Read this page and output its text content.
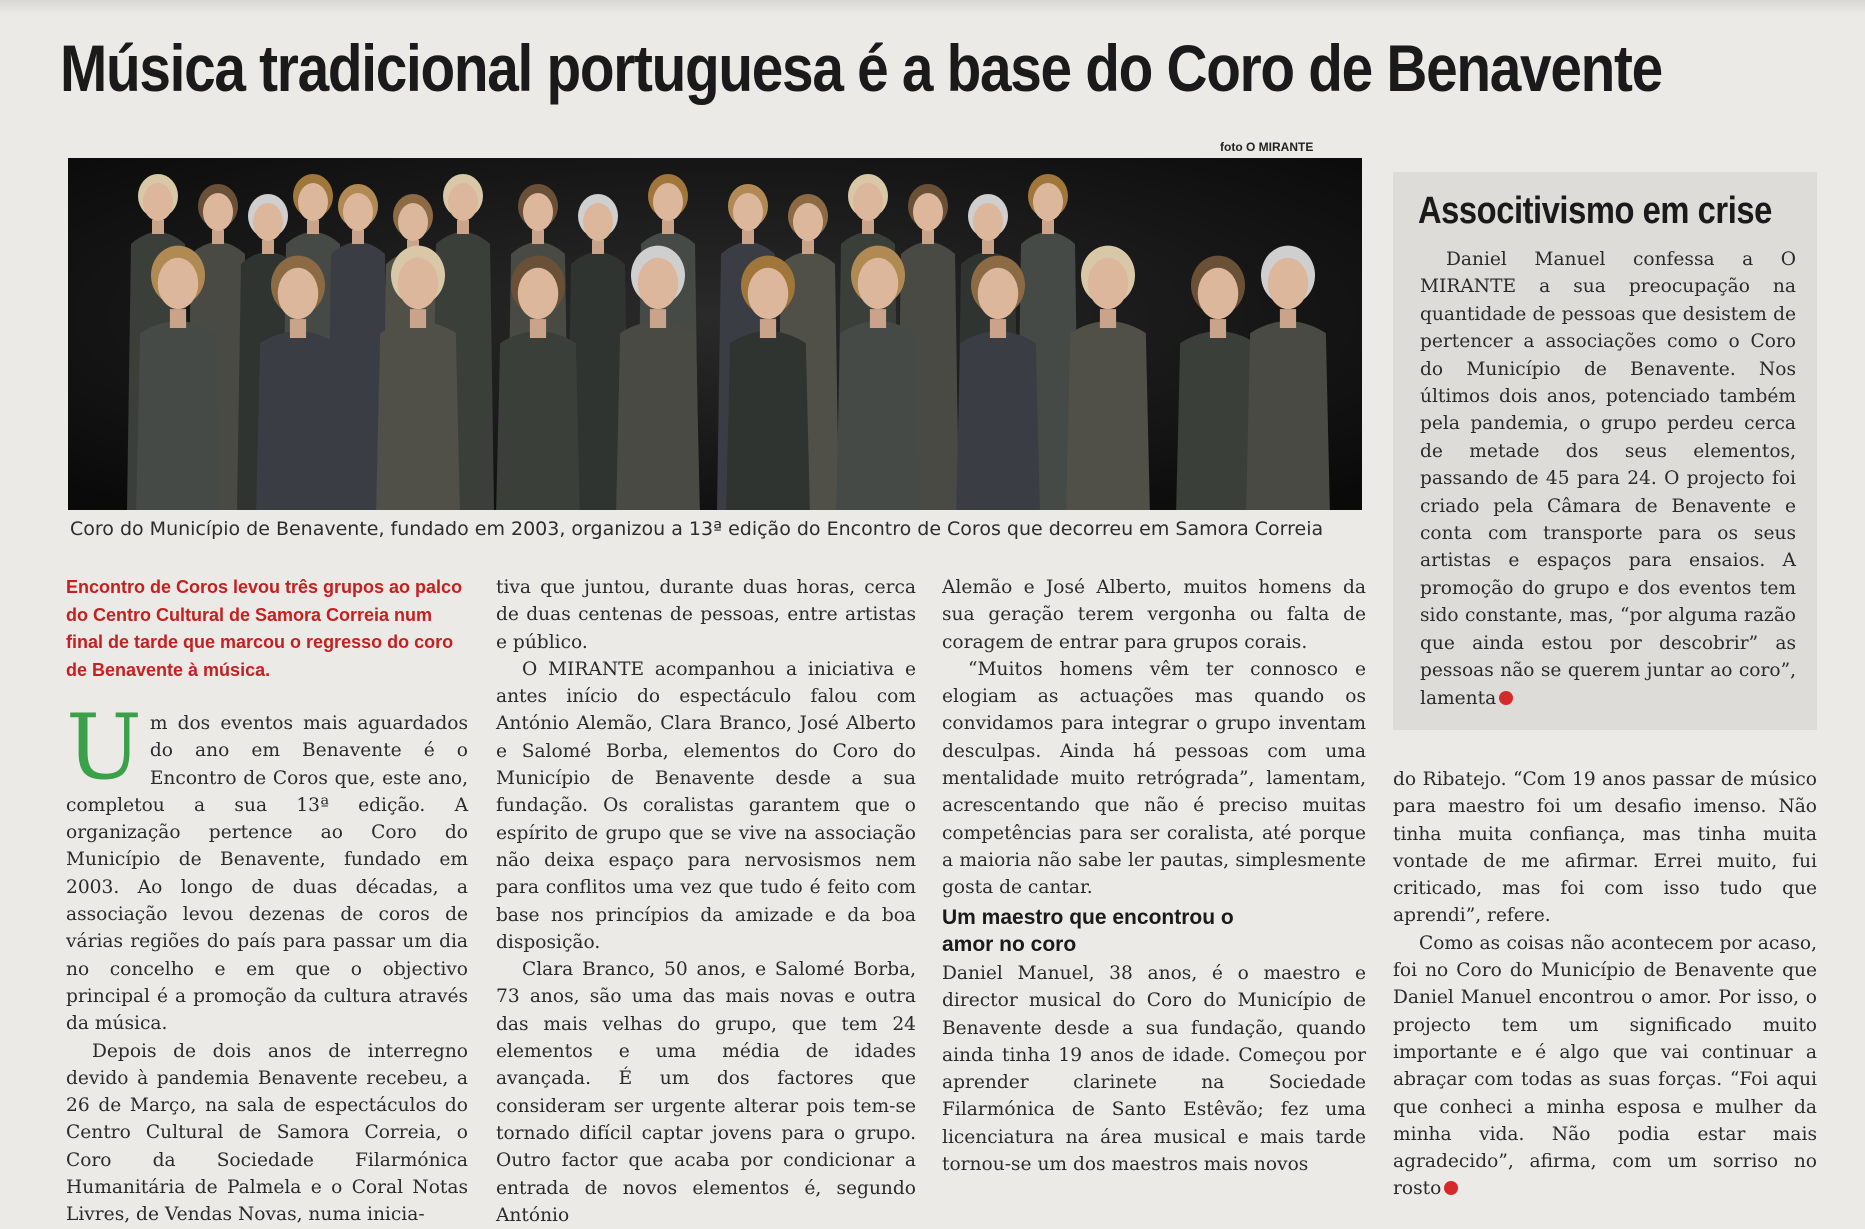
Música tradicional portuguesa é a base do Coro de Benavente
foto O MIRANTE
Coro do Município de Benavente, fundado em 2003, organizou a 13ª edição do Encontro de Coros que decorreu em Samora Correia
Encontro de Coros levou três grupos ao palco do Centro Cultural de Samora Correia num final de tarde que marcou o regresso do coro de Benavente à música.

Um dos eventos mais aguardados do ano em Benavente é o Encontro de Coros que, este ano, completou a sua 13ª edição. A organização pertence ao Coro do Município de Benavente, fundado em 2003. Ao longo de duas décadas, a associação levou dezenas de coros de várias regiões do país para passar um dia no concelho e em que o objectivo principal é a promoção da cultura através da música.

Depois de dois anos de interregno devido à pandemia Benavente recebeu, a 26 de Março, na sala de espectáculos do Centro Cultural de Samora Correia, o Coro da Sociedade Filarmónica Humanitária de Palmela e o Coral Notas Livres, de Vendas Novas, numa inicia-

tiva que juntou, durante duas horas, cerca de duas centenas de pessoas, entre artistas e público.

O MIRANTE acompanhou a iniciativa e antes início do espectáculo falou com António Alemão, Clara Branco, José Alberto e Salomé Borba, elementos do Coro do Município de Benavente desde a sua fundação. Os coralistas garantem que o espírito de grupo que se vive na associação não deixa espaço para nervosismos nem para conflitos uma vez que tudo é feito com base nos princípios da amizade e da boa disposição.

Clara Branco, 50 anos, e Salomé Borba, 73 anos, são uma das mais novas e outra das mais velhas do grupo, que tem 24 elementos e uma média de idades avançada. É um dos factores que consideram ser urgente alterar pois tem-se tornado difícil captar jovens para o grupo. Outro factor que acaba por condicionar a entrada de novos elementos é, segundo António

Alemão e José Alberto, muitos homens da sua geração terem vergonha ou falta de coragem de entrar para grupos corais.

“Muitos homens vêm ter connosco e elogiam as actuações mas quando os convidamos para integrar o grupo inventam desculpas. Ainda há pessoas com uma mentalidade muito retrógrada”, lamentam, acrescentando que não é preciso muitas competências para ser coralista, até porque a maioria não sabe ler pautas, simplesmente gosta de cantar.

Um maestro que encontrou o amor no coro

Daniel Manuel, 38 anos, é o maestro e director musical do Coro do Município de Benavente desde a sua fundação, quando ainda tinha 19 anos de idade. Começou por aprender clarinete na Sociedade Filarmónica de Santo Estêvão; fez uma licenciatura na área musical e mais tarde tornou-se um dos maestros mais novos

Associtivismo em crise

Daniel Manuel confessa a O MIRANTE a sua preocupação na quantidade de pessoas que desistem de pertencer a associações como o Coro do Município de Benavente. Nos últimos dois anos, potenciado também pela pandemia, o grupo perdeu cerca de metade dos seus elementos, passando de 45 para 24. O projecto foi criado pela Câmara de Benavente e conta com transporte para os seus artistas e espaços para ensaios. A promoção do grupo e dos eventos tem sido constante, mas, “por alguma razão que ainda estou por descobrir” as pessoas não se querem juntar ao coro”, lamenta

do Ribatejo. “Com 19 anos passar de músico para maestro foi um desafio imenso. Não tinha muita confiança, mas tinha muita vontade de me afirmar. Errei muito, fui criticado, mas foi com isso tudo que aprendi”, refere.

Como as coisas não acontecem por acaso, foi no Coro do Município de Benavente que Daniel Manuel encontrou o amor. Por isso, o projecto tem um significado muito importante e é algo que vai continuar a abraçar com todas as suas forças. “Foi aqui que conheci a minha esposa e mulher da minha vida. Não podia estar mais agradecido”, afirma, com um sorriso no rosto
